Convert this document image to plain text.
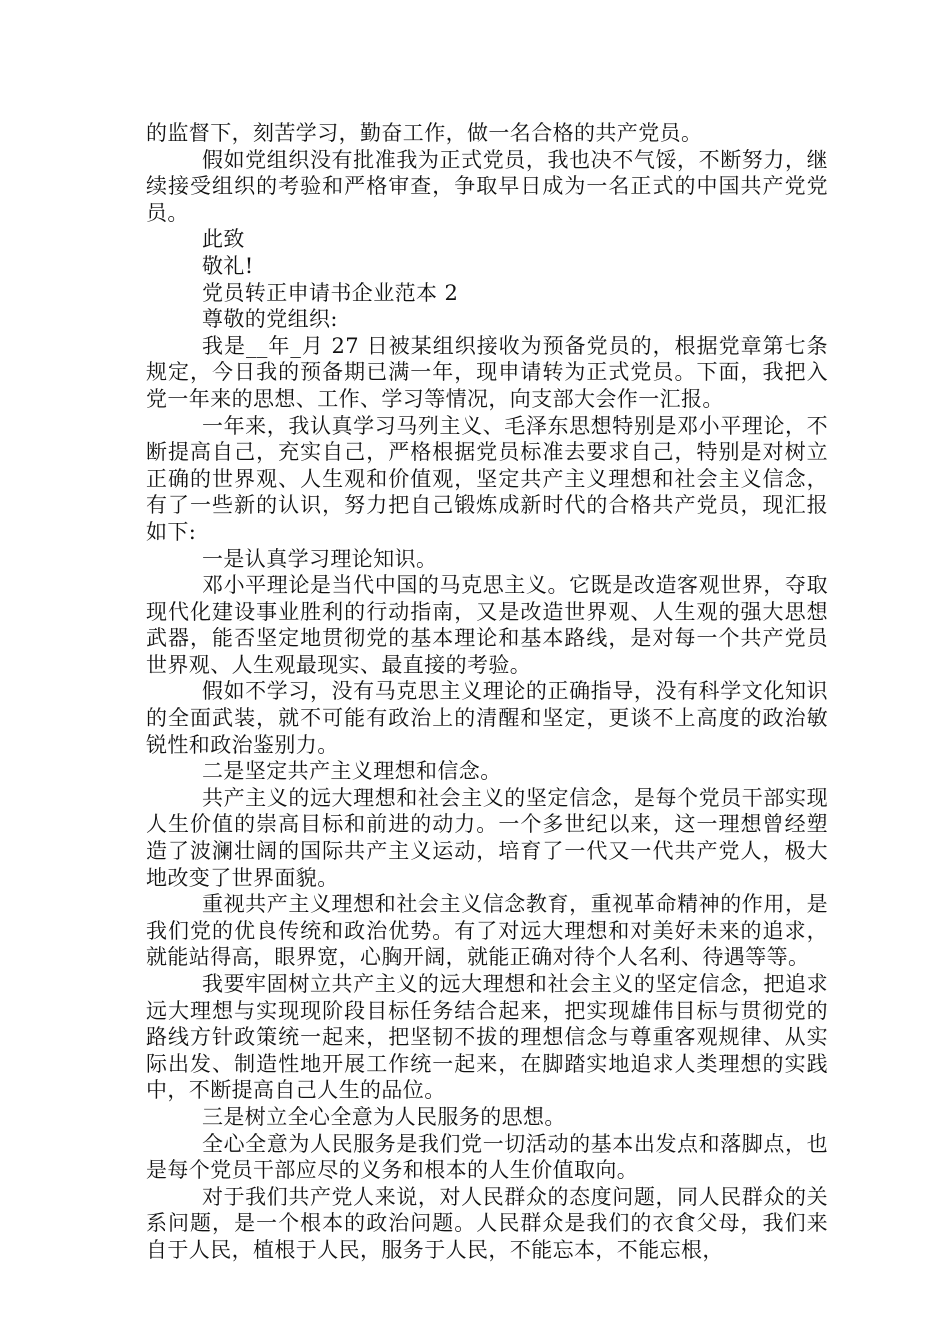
的监督下，刻苦学习，勤奋工作，做一名合格的共产党员。

假如党组织没有批准我为正式党员，我也决不气馁，不断努力，继续接受组织的考验和严格审查，争取早日成为一名正式的中国共产党党员。

此致

敬礼!

党员转正申请书企业范本 2

尊敬的党组织:

我是__年_月 27 日被某组织接收为预备党员的，根据党章第七条规定，今日我的预备期已满一年，现申请转为正式党员。下面，我把入党一年来的思想、工作、学习等情况，向支部大会作一汇报。

一年来，我认真学习马列主义、毛泽东思想特别是邓小平理论，不断提高自己，充实自己，严格根据党员标准去要求自己，特别是对树立正确的世界观、人生观和价值观，坚定共产主义理想和社会主义信念，有了一些新的认识，努力把自己锻炼成新时代的合格共产党员，现汇报如下:

一是认真学习理论知识。

邓小平理论是当代中国的马克思主义。它既是改造客观世界，夺取现代化建设事业胜利的行动指南，又是改造世界观、人生观的强大思想武器，能否坚定地贯彻党的基本理论和基本路线，是对每一个共产党员世界观、人生观最现实、最直接的考验。

假如不学习，没有马克思主义理论的正确指导，没有科学文化知识的全面武装，就不可能有政治上的清醒和坚定，更谈不上高度的政治敏锐性和政治鉴别力。

二是坚定共产主义理想和信念。

共产主义的远大理想和社会主义的坚定信念，是每个党员干部实现人生价值的崇高目标和前进的动力。一个多世纪以来，这一理想曾经塑造了波澜壮阔的国际共产主义运动，培育了一代又一代共产党人，极大地改变了世界面貌。

重视共产主义理想和社会主义信念教育，重视革命精神的作用，是我们党的优良传统和政治优势。有了对远大理想和对美好未来的追求，就能站得高，眼界宽，心胸开阔，就能正确对待个人名利、待遇等等。

我要牢固树立共产主义的远大理想和社会主义的坚定信念，把追求远大理想与实现现阶段目标任务结合起来，把实现雄伟目标与贯彻党的路线方针政策统一起来，把坚韧不拔的理想信念与尊重客观规律、从实际出发、制造性地开展工作统一起来，在脚踏实地追求人类理想的实践中，不断提高自己人生的品位。

三是树立全心全意为人民服务的思想。

全心全意为人民服务是我们党一切活动的基本出发点和落脚点，也是每个党员干部应尽的义务和根本的人生价值取向。

对于我们共产党人来说，对人民群众的态度问题，同人民群众的关系问题，是一个根本的政治问题。人民群众是我们的衣食父母，我们来自于人民，植根于人民，服务于人民，不能忘本，不能忘根，
